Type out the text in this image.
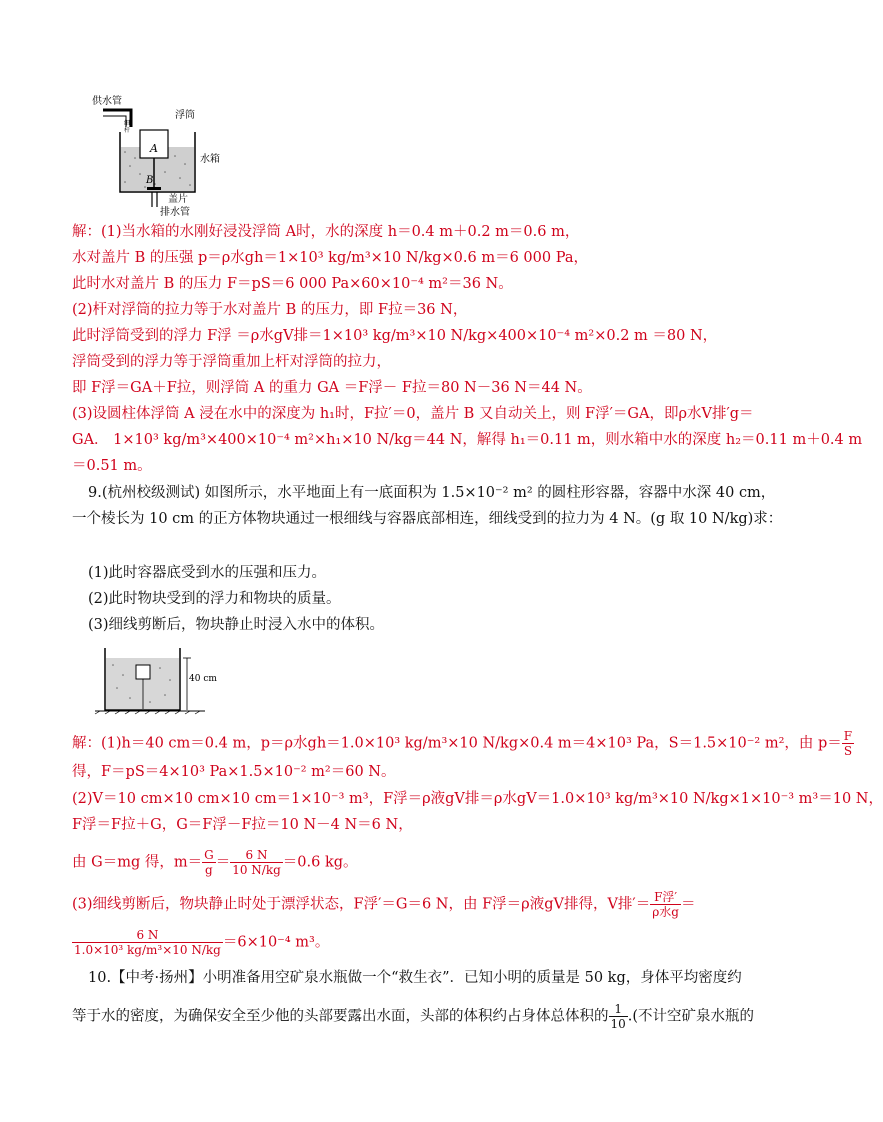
供水管
浮筒
A
水箱
细杆
B
盖片
排水管
解：(1)当水箱的水刚好浸没浮筒 A时，水的深度 h＝0.4 m＋0.2 m＝0.6 m，
水对盖片 B 的压强 p＝ρ水gh＝1×10³ kg/m³×10 N/kg×0.6 m＝6 000 Pa，
此时水对盖片 B 的压力 F＝pS＝6 000 Pa×60×10⁻⁴ m²＝36 N。
(2)杆对浮筒的拉力等于水对盖片 B 的压力，即 F拉＝36 N，
此时浮筒受到的浮力 F浮 ＝ρ水gV排＝1×10³ kg/m³×10 N/kg×400×10⁻⁴ m²×0.2 m ＝80 N，
浮筒受到的浮力等于浮筒重加上杆对浮筒的拉力，
即 F浮＝GA＋F拉，则浮筒 A 的重力 GA ＝F浮－ F拉＝80 N－36 N＝44 N。
(3)设圆柱体浮筒 A 浸在水中的深度为 h₁时，F拉′＝0，盖片 B 又自动关上，则 F浮′＝GA，即ρ水V排′g＝
GA． 1×10³ kg/m³×400×10⁻⁴ m²×h₁×10 N/kg＝44 N，解得 h₁＝0.11 m，则水箱中水的深度 h₂＝0.11 m＋0.4 m
＝0.51 m。
9.(杭州校级测试) 如图所示，水平地面上有一底面积为 1.5×10⁻² m² 的圆柱形容器，容器中水深 40 cm，
一个棱长为 10 cm 的正方体物块通过一根细线与容器底部相连，细线受到的拉力为 4 N。(g 取 10 N/kg)求：
(1)此时容器底受到水的压强和压力。
(2)此时物块受到的浮力和物块的质量。
(3)细线剪断后，物块静止时浸入水中的体积。
40 cm
解：(1)h＝40 cm＝0.4 m，p＝ρ水gh＝1.0×10³ kg/m³×10 N/kg×0.4 m＝4×10³ Pa，S＝1.5×10⁻² m²，由 $p= \frac{F}{S}$
得，F＝pS＝4×10³ Pa×1.5×10⁻² m²＝60 N。
(2)V＝10 cm×10 cm×10 cm＝1×10⁻³ m³，F浮＝ρ液gV排＝ρ水gV＝1.0×10³ kg/m³×10 N/kg×1×10⁻³ m³＝10 N，
F浮＝F拉＋G，G＝F浮－F拉＝10 N－4 N＝6 N，
由 G＝mg 得，$m= \frac{G}{g} = \frac{6 N}{10 N/kg} =0.6$ kg。
(3)细线剪断后，物块静止时处于漂浮状态，F浮′＝G＝6 N，由 F浮＝ρ液gV排得，V排′＝ $\frac{\text{F浮′}}{\text{ρ水g}}$ ＝
$\frac{6 N}{\text{1.0×10³ kg/m³×10 N/kg}} =6\times 10^{-4}$ m³。
10.【中考·扬州】小明准备用空矿泉水瓶做一个“救生衣”．已知小明的质量是 50 kg，身体平均密度约
等于水的密度，为确保安全至少他的头部要露出水面，头部的体积约占身体总体积的 $\frac{1}{10}$ .(不计空矿泉水瓶的
